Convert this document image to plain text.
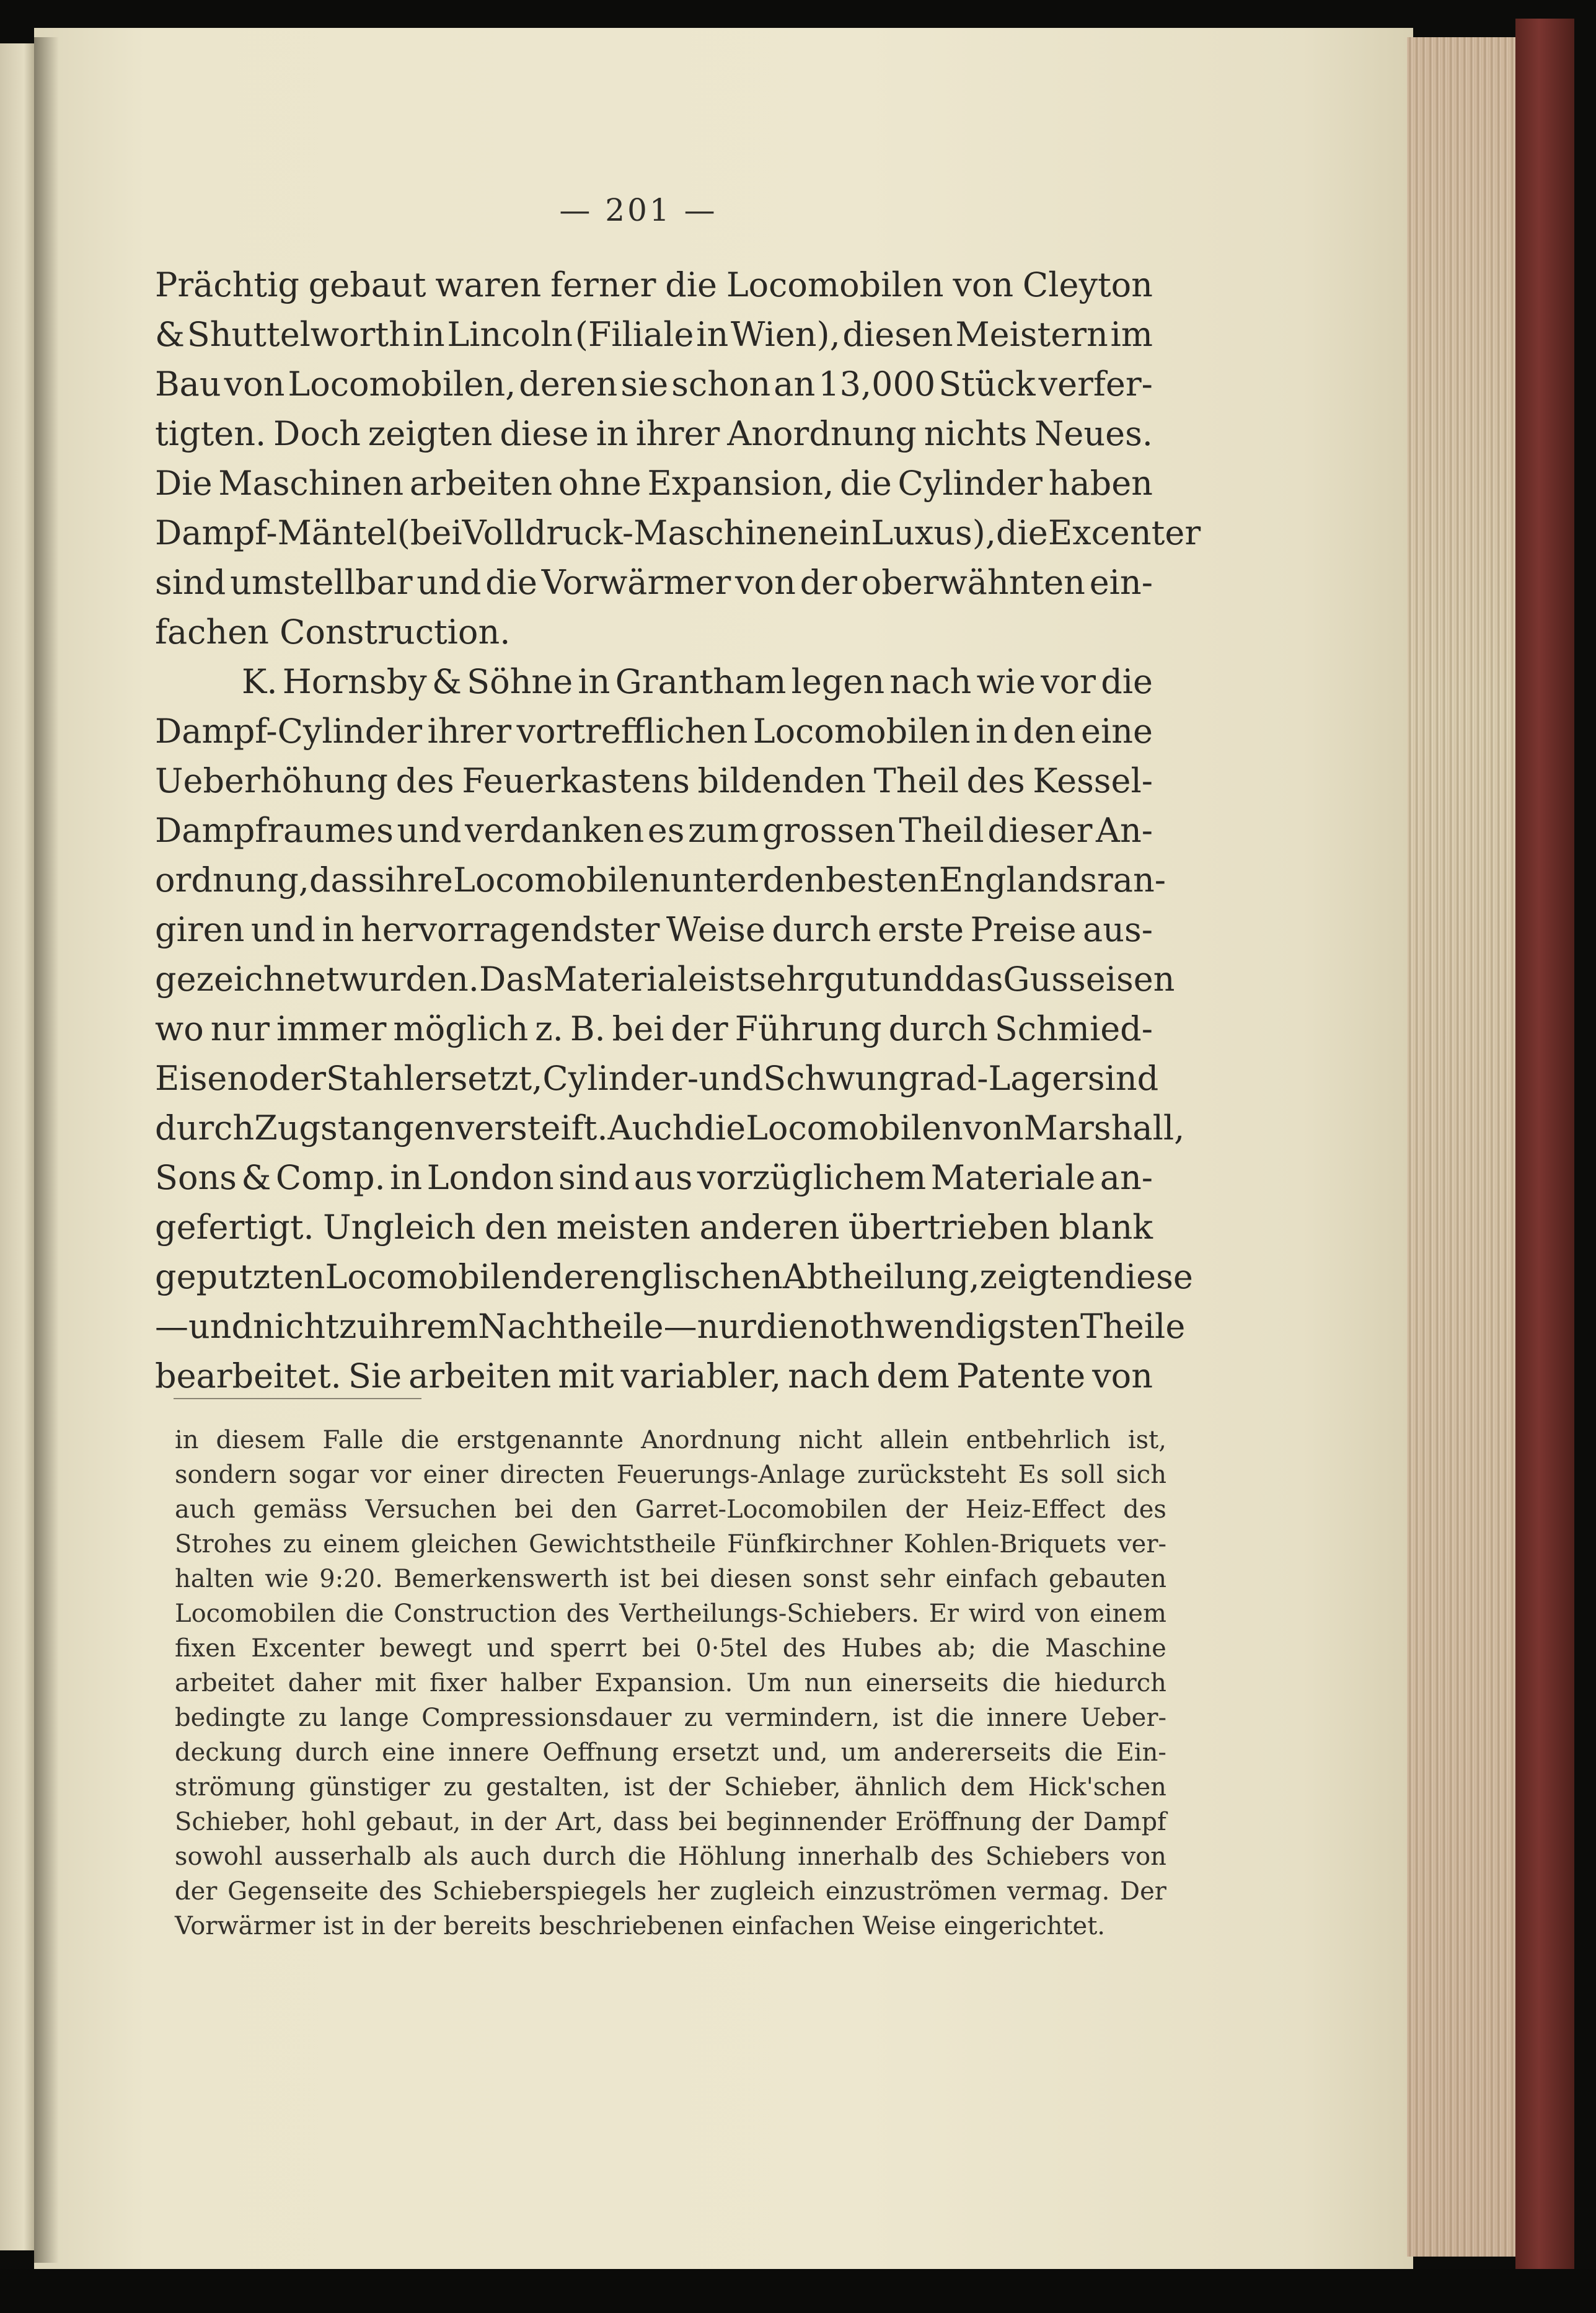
— 201 —
Prächtig gebaut waren ferner die Locomobilen von Cleyton
& Shuttelworth in Lincoln (Filiale in Wien), diesen Meistern im
Bau von Locomobilen, deren sie schon an 13,000 Stück verfer-
tigten. Doch zeigten diese in ihrer Anordnung nichts Neues.
Die Maschinen arbeiten ohne Expansion, die Cylinder haben
Dampf-Mäntel (bei Volldruck-Maschinen ein Luxus), die Excenter
sind umstellbar und die Vorwärmer von der oberwähnten ein-
fachen Construction.
K. Hornsby & Söhne in Grantham legen nach wie vor die
Dampf-Cylinder ihrer vortrefflichen Locomobilen in den eine
Ueberhöhung des Feuerkastens bildenden Theil des Kessel-
Dampfraumes und verdanken es zum grossen Theil dieser An-
ordnung, dass ihre Locomobilen unter den besten Englands ran-
giren und in hervorragendster Weise durch erste Preise aus-
gezeichnet wurden. Das Materiale ist sehr gut und das Gusseisen
wo nur immer möglich z. B. bei der Führung durch Schmied-
Eisen oder Stahl ersetzt, Cylinder- und Schwungrad-Lager sind
durch Zugstangen versteift. Auch die Locomobilen von Marshall,
Sons & Comp. in London sind aus vorzüglichem Materiale an-
gefertigt. Ungleich den meisten anderen übertrieben blank
geputzten Locomobilen der englischen Abtheilung, zeigten diese
— und nicht zu ihrem Nachtheile — nur die nothwendigsten Theile
bearbeitet. Sie arbeiten mit variabler, nach dem Patente von
in diesem Falle die erstgenannte Anordnung nicht allein entbehrlich ist,
sondern sogar vor einer directen Feuerungs-Anlage zurücksteht Es soll sich
auch gemäss Versuchen bei den Garret-Locomobilen der Heiz-Effect des
Strohes zu einem gleichen Gewichtstheile Fünfkirchner Kohlen-Briquets ver-
halten wie 9:20. Bemerkenswerth ist bei diesen sonst sehr einfach gebauten
Locomobilen die Construction des Vertheilungs-Schiebers. Er wird von einem
fixen Excenter bewegt und sperrt bei 0·5tel des Hubes ab; die Maschine
arbeitet daher mit fixer halber Expansion. Um nun einerseits die hiedurch
bedingte zu lange Compressionsdauer zu vermindern, ist die innere Ueber-
deckung durch eine innere Oeffnung ersetzt und, um andererseits die Ein-
strömung günstiger zu gestalten, ist der Schieber, ähnlich dem Hick'schen
Schieber, hohl gebaut, in der Art, dass bei beginnender Eröffnung der Dampf
sowohl ausserhalb als auch durch die Höhlung innerhalb des Schiebers von
der Gegenseite des Schieberspiegels her zugleich einzuströmen vermag. Der
Vorwärmer ist in der bereits beschriebenen einfachen Weise eingerichtet.
